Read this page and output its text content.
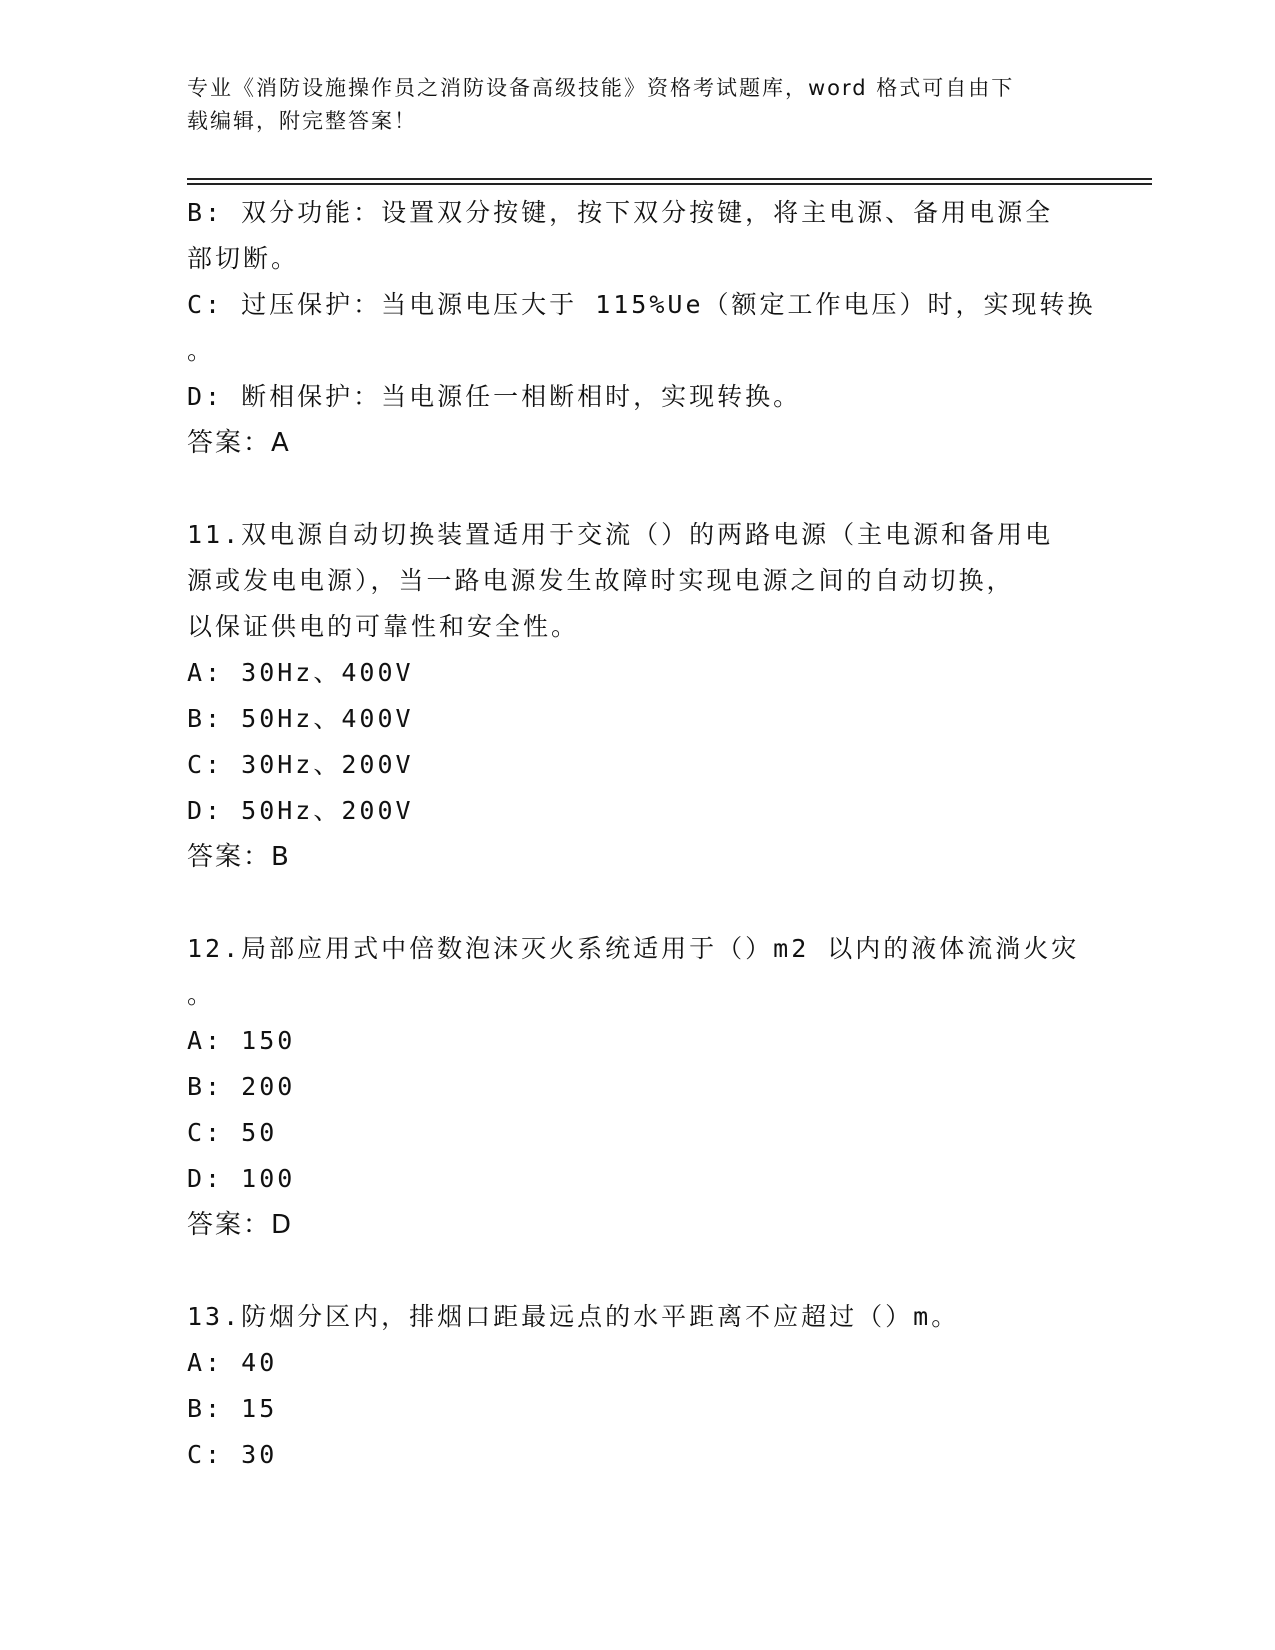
专业《消防设施操作员之消防设备高级技能》资格考试题库，word 格式可自由下
载编辑，附完整答案！
B: 双分功能：设置双分按键，按下双分按键，将主电源、备用电源全
部切断。
C: 过压保护：当电源电压大于 115%Ue（额定工作电压）时，实现转换
。
D: 断相保护：当电源任一相断相时，实现转换。
答案：A
11.双电源自动切换装置适用于交流（）的两路电源（主电源和备用电
源或发电电源），当一路电源发生故障时实现电源之间的自动切换，
以保证供电的可靠性和安全性。
A: 30Hz、400V
B: 50Hz、400V
C: 30Hz、200V
D: 50Hz、200V
答案：B
12.局部应用式中倍数泡沫灭火系统适用于（）m2 以内的液体流淌火灾
。
A: 150
B: 200
C: 50
D: 100
答案：D
13.防烟分区内，排烟口距最远点的水平距离不应超过（）m。
A: 40
B: 15
C: 30
